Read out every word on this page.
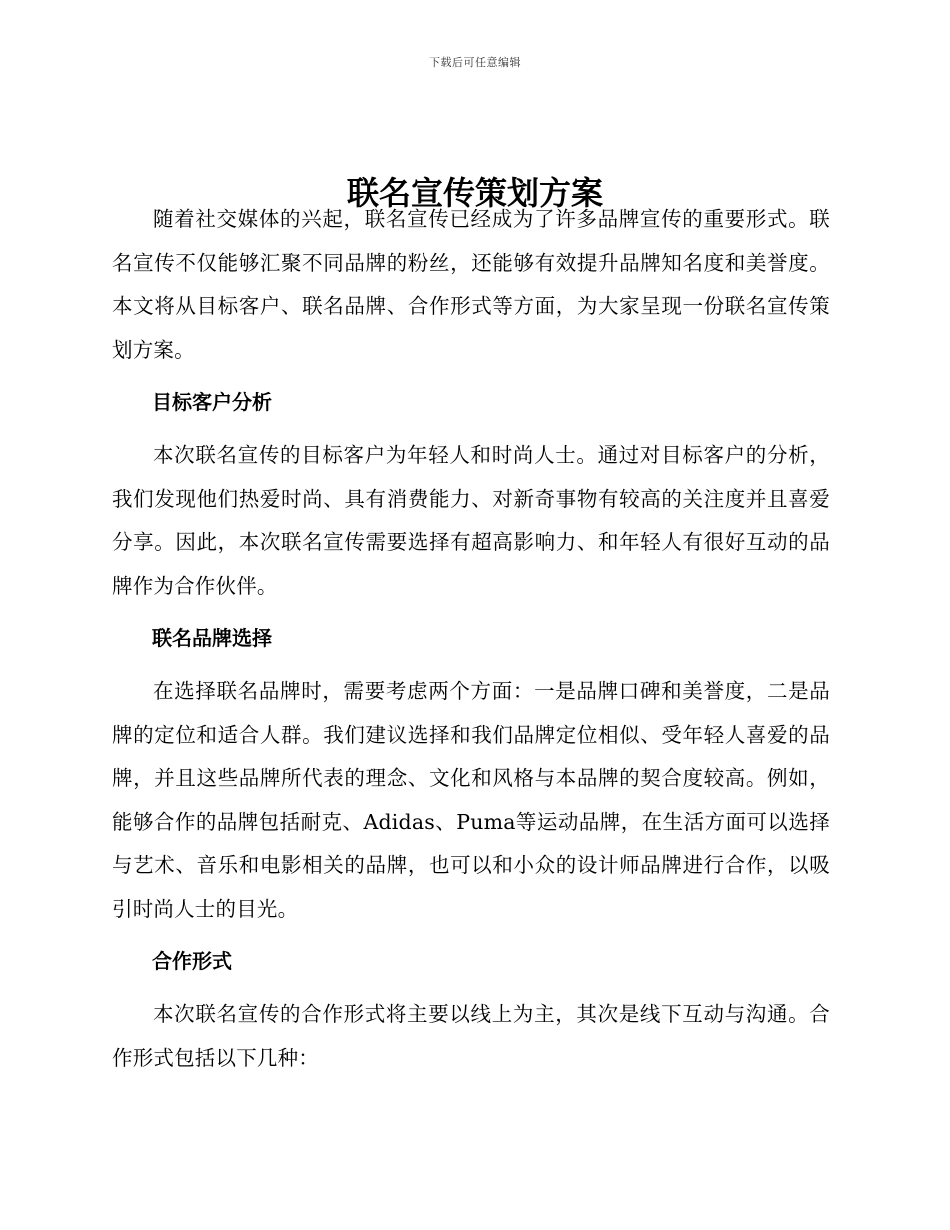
下载后可任意编辑
联名宣传策划方案

随着社交媒体的兴起，联名宣传已经成为了许多品牌宣传的重要形式。联名宣传不仅能够汇聚不同品牌的粉丝，还能够有效提升品牌知名度和美誉度。本文将从目标客户、联名品牌、合作形式等方面，为大家呈现一份联名宣传策划方案。

目标客户分析

本次联名宣传的目标客户为年轻人和时尚人士。通过对目标客户的分析，我们发现他们热爱时尚、具有消费能力、对新奇事物有较高的关注度并且喜爱分享。因此，本次联名宣传需要选择有超高影响力、和年轻人有很好互动的品牌作为合作伙伴。

联名品牌选择

在选择联名品牌时，需要考虑两个方面：一是品牌口碑和美誉度，二是品牌的定位和适合人群。我们建议选择和我们品牌定位相似、受年轻人喜爱的品牌，并且这些品牌所代表的理念、文化和风格与本品牌的契合度较高。例如，能够合作的品牌包括耐克、Adidas、Puma等运动品牌，在生活方面可以选择与艺术、音乐和电影相关的品牌，也可以和小众的设计师品牌进行合作，以吸引时尚人士的目光。

合作形式

本次联名宣传的合作形式将主要以线上为主，其次是线下互动与沟通。合作形式包括以下几种：
